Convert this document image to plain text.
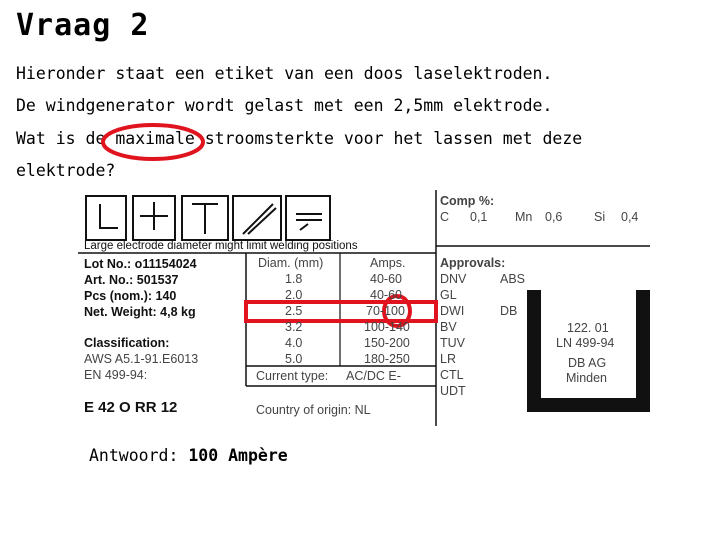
Vraag 2
Hieronder staat een etiket van een doos laselektroden.
De windgenerator wordt gelast met een 2,5mm elektrode.
Wat is de maximale stroomsterkte voor het lassen met deze
elektrode?
Large electrode diameter might limit welding positions
Lot No.: o11154024
Art. No.: 501537
Pcs (nom.): 140
Net. Weight: 4,8 kg
Classification:
AWS A5.1-91.E6013
EN 499-94:
E 42 O RR 12
Diam. (mm)	Amps.
1.8	40-60
2.0	40-60
2.5	70-100
3.2	100-140
4.0	150-200
5.0	180-250
Current type: AC/DC E-
Country of origin: NL
Comp %:
C 0,1 Mn 0,6	Si 0,4
Approvals:
DNV
GL
DWI
BV
TUV
LR
CTL
UDT
ABS
DB
122. 01
LN 499-94
DB AG
Minden
Antwoord: 100 Ampère
